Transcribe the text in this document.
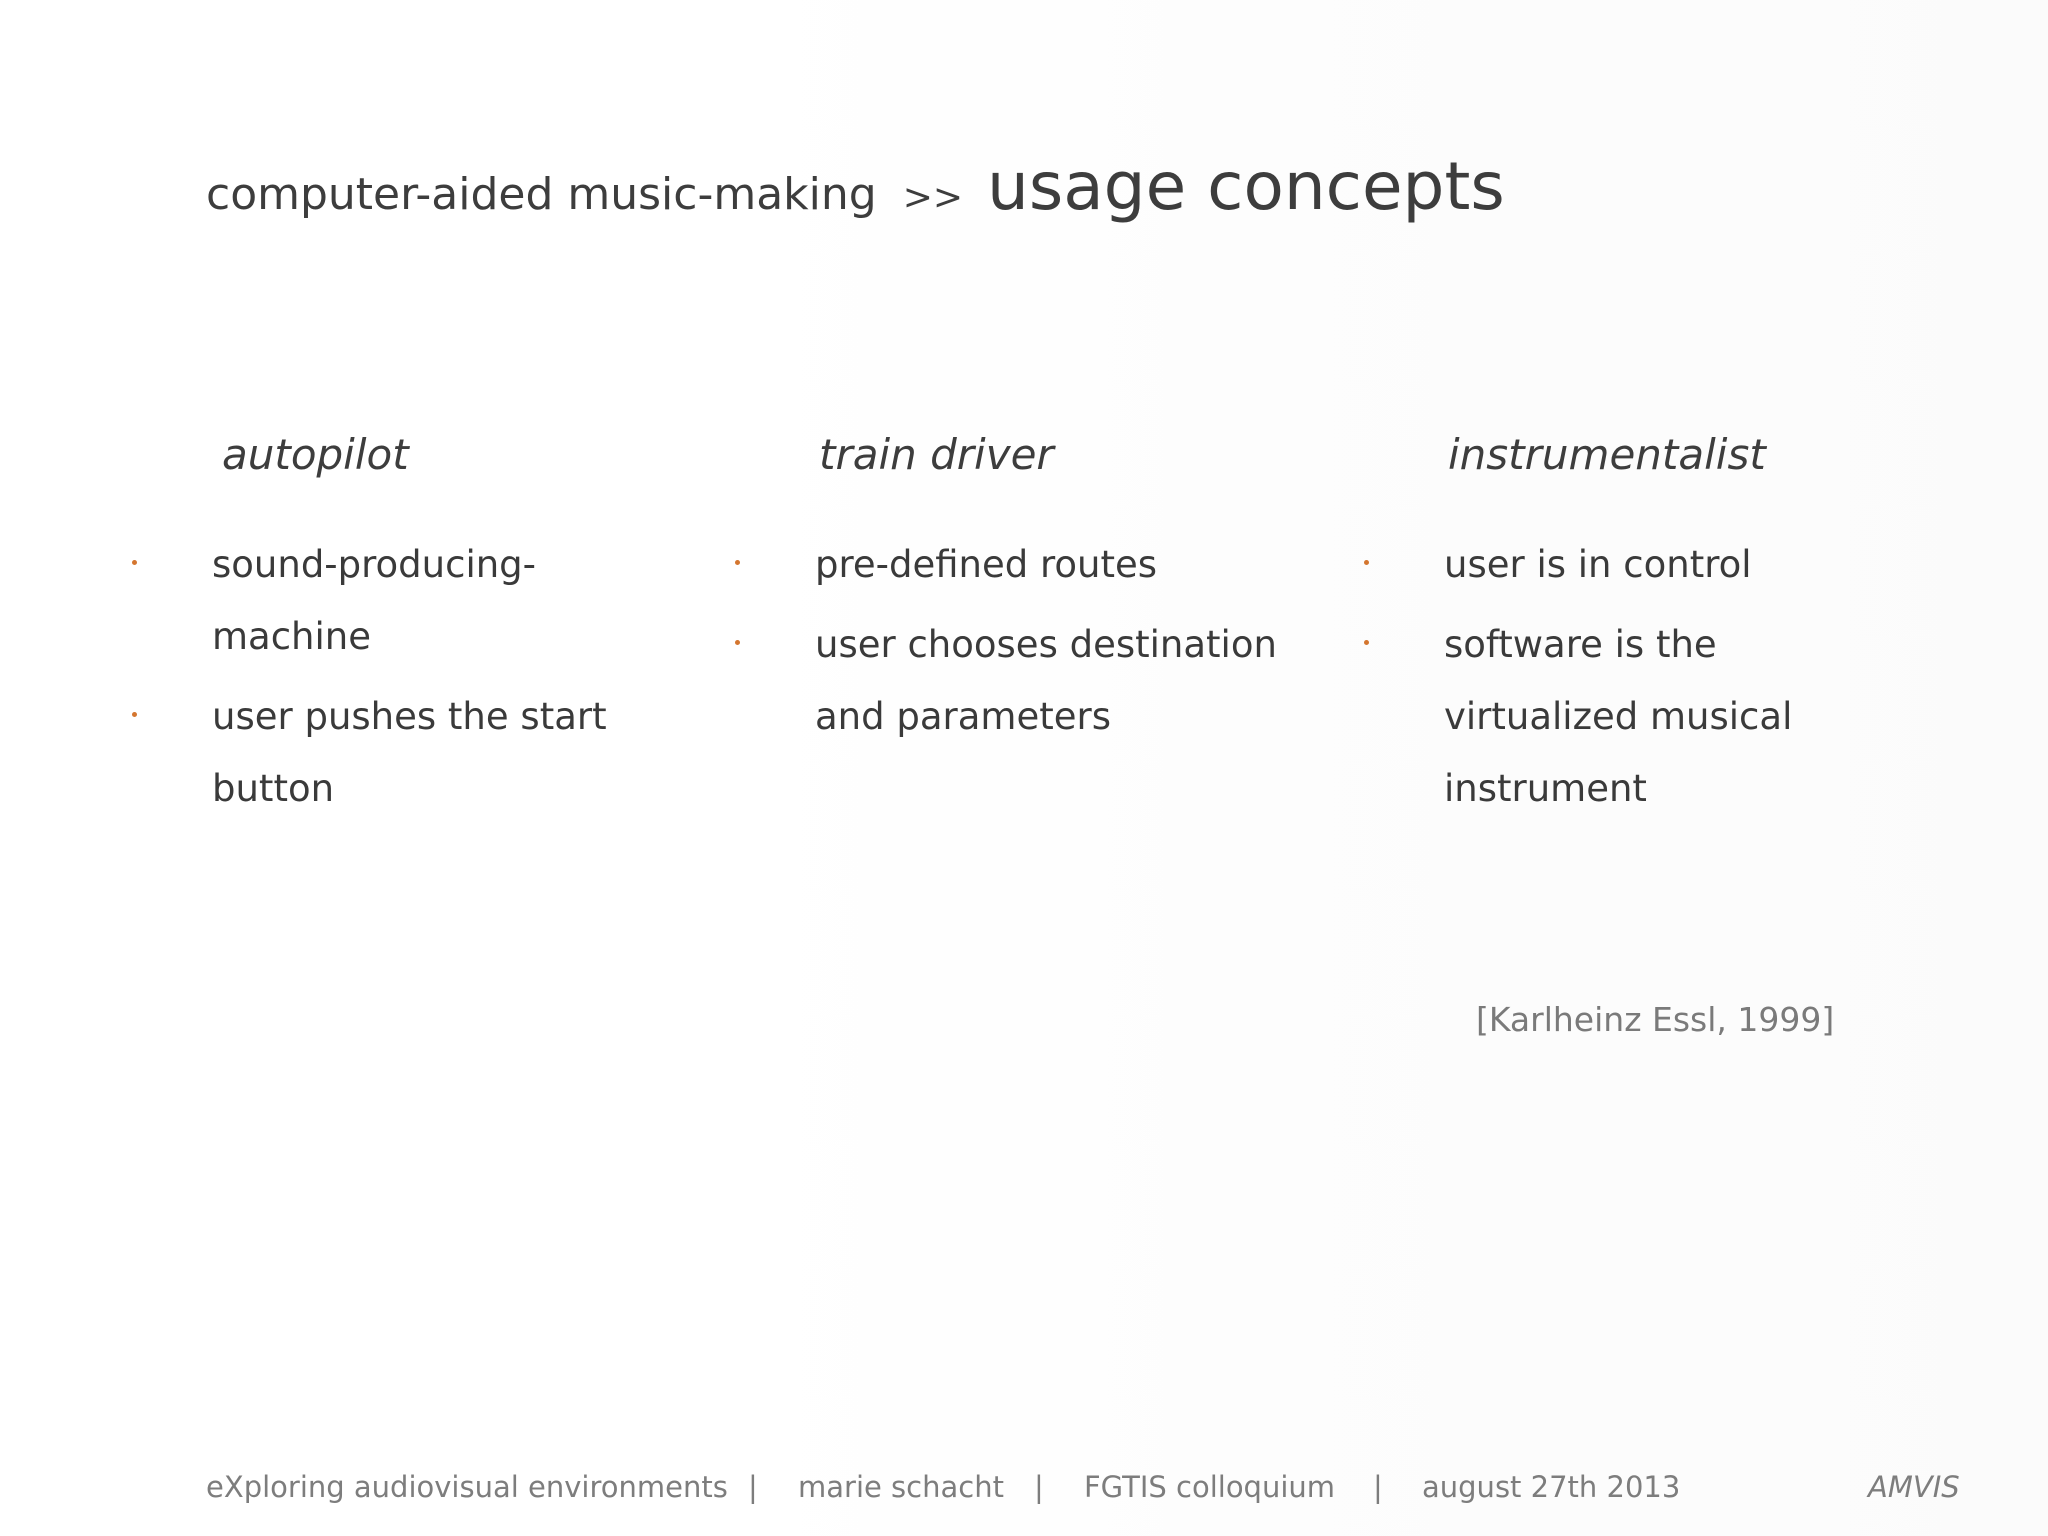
computer-aided music-making >> usage concepts
autopilot
sound-producing-machine
user pushes the start button
train driver
pre-defined routes
user chooses destination and parameters
instrumentalist
user is in control
software is the virtualized musical instrument
[Karlheinz Essl, 1999]
eXploring audiovisual environments | marie schacht | FGTIS colloquium | august 27th 2013	AMVIS
